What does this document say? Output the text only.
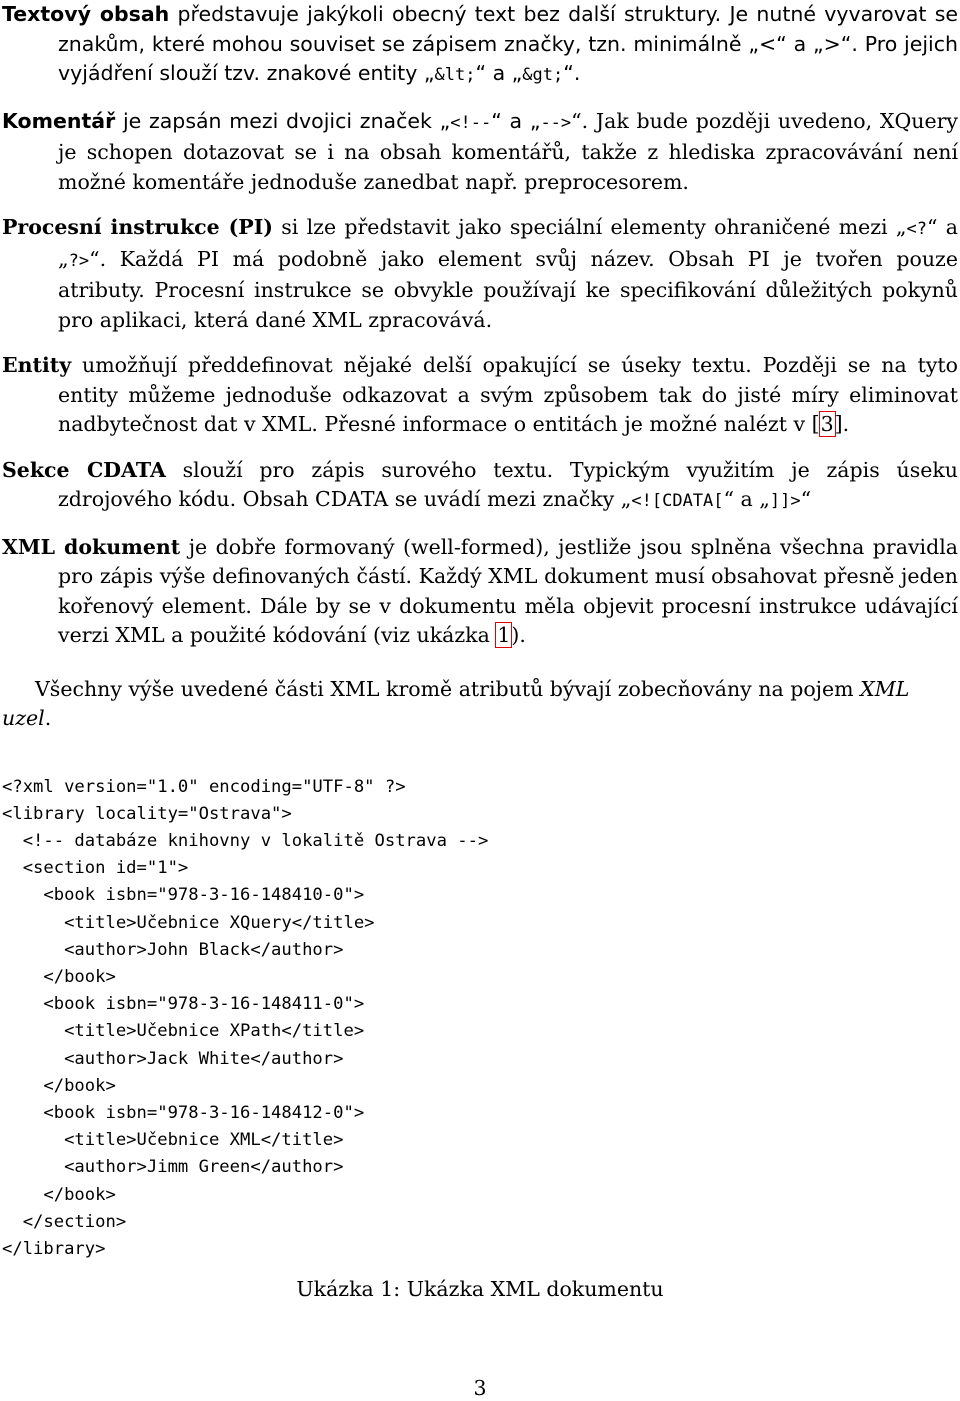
Textový obsah představuje jakýkoli obecný text bez další struktury. Je nutné vyvarovat se znakům, které mohou souviset se zápisem značky, tzn. minimálně „<“ a „>“. Pro jejich vyjádření slouží tzv. znakové entity „&lt;“ a „&gt;“.

Komentář je zapsán mezi dvojici značek „<!--“ a „-->“. Jak bude později uvedeno, XQuery je schopen dotazovat se i na obsah komentářů, takže z hlediska zpracovávání není možné komentáře jednoduše zanedbat např. preprocesorem.

Procesní instrukce (PI) si lze představit jako speciální elementy ohraničené mezi „<?“ a „?>“. Každá PI má podobně jako element svůj název. Obsah PI je tvořen pouze atributy. Procesní instrukce se obvykle používají ke specifikování důležitých pokynů pro aplikaci, která dané XML zpracovává.

Entity umožňují předdefinovat nějaké delší opakující se úseky textu. Později se na tyto entity můžeme jednoduše odkazovat a svým způsobem tak do jisté míry eliminovat nadbytečnost dat v XML. Přesné informace o entitách je možné nalézt v [3].

Sekce CDATA slouží pro zápis surového textu. Typickým využitím je zápis úseku zdrojového kódu. Obsah CDATA se uvádí mezi značky „<![CDATA[“ a „]]>“

XML dokument je dobře formovaný (well-formed), jestliže jsou splněna všechna pravidla pro zápis výše definovaných částí. Každý XML dokument musí obsahovat přesně jeden kořenový element. Dále by se v dokumentu měla objevit procesní instrukce udávající verzi XML a použité kódování (viz ukázka 1).

Všechny výše uvedené části XML kromě atributů bývají zobecňovány na pojem XML uzel.

<?xml version="1.0" encoding="UTF-8" ?>
<library locality="Ostrava">
<!-- databáze knihovny v lokalitě Ostrava -->
<section id="1">
<book isbn="978-3-16-148410-0">
<title>Učebnice XQuery</title>
<author>John Black</author>
</book>
<book isbn="978-3-16-148411-0">
<title>Učebnice XPath</title>
<author>Jack White</author>
</book>
<book isbn="978-3-16-148412-0">
<title>Učebnice XML</title>
<author>Jimm Green</author>
</book>
</section>
</library>
Ukázka 1: Ukázka XML dokumentu
3
